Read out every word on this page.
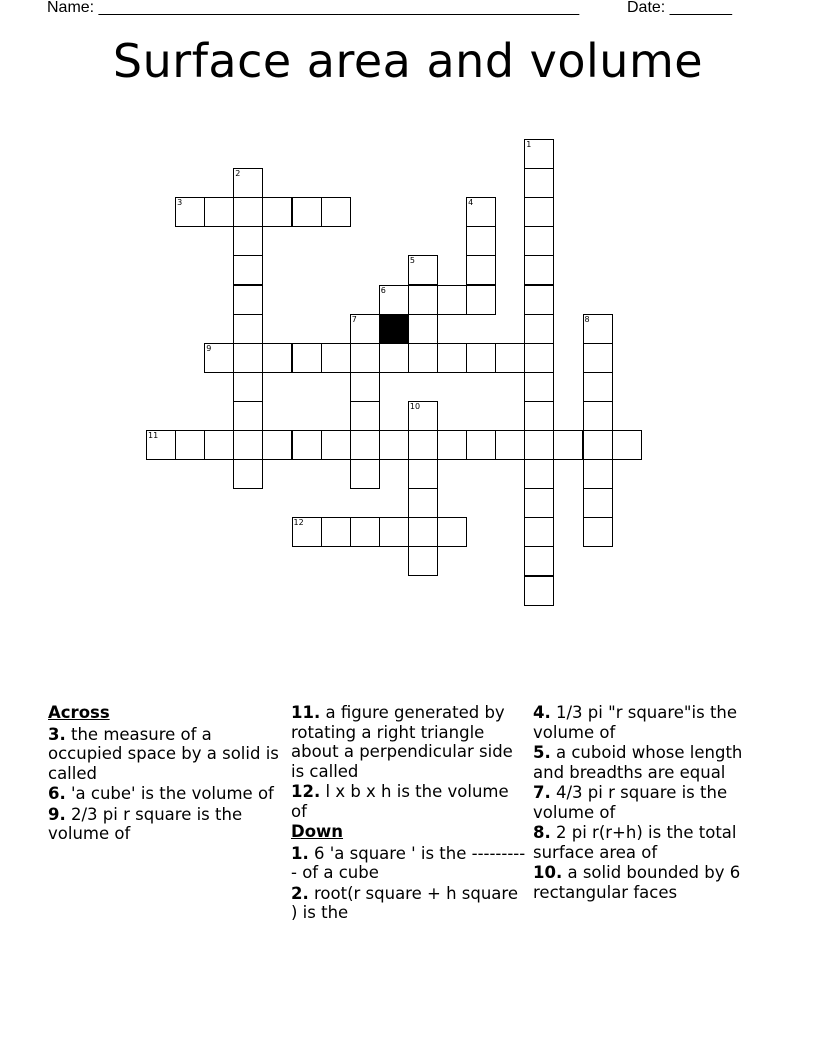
Name: ______________________________________________________	Date: _______
Surface area and volume
1
2
3	4
5
6
7	8
9
10
11
12
Across
3. the measure of a occupied space by a solid is called
6. 'a cube' is the volume of
9. 2/3 pi r square is the volume of
11. a figure generated by rotating a right triangle about a perpendicular side is called
12. l x b x h is the volume of
Down
1. 6 'a square ' is the ---------- of a cube
2. root(r square + h square ) is the
4. 1/3 pi "r square"is the volume of
5. a cuboid whose length and breadths are equal
7. 4/3 pi r square is the volume of
8. 2 pi r(r+h) is the total surface area of
10. a solid bounded by 6 rectangular faces
